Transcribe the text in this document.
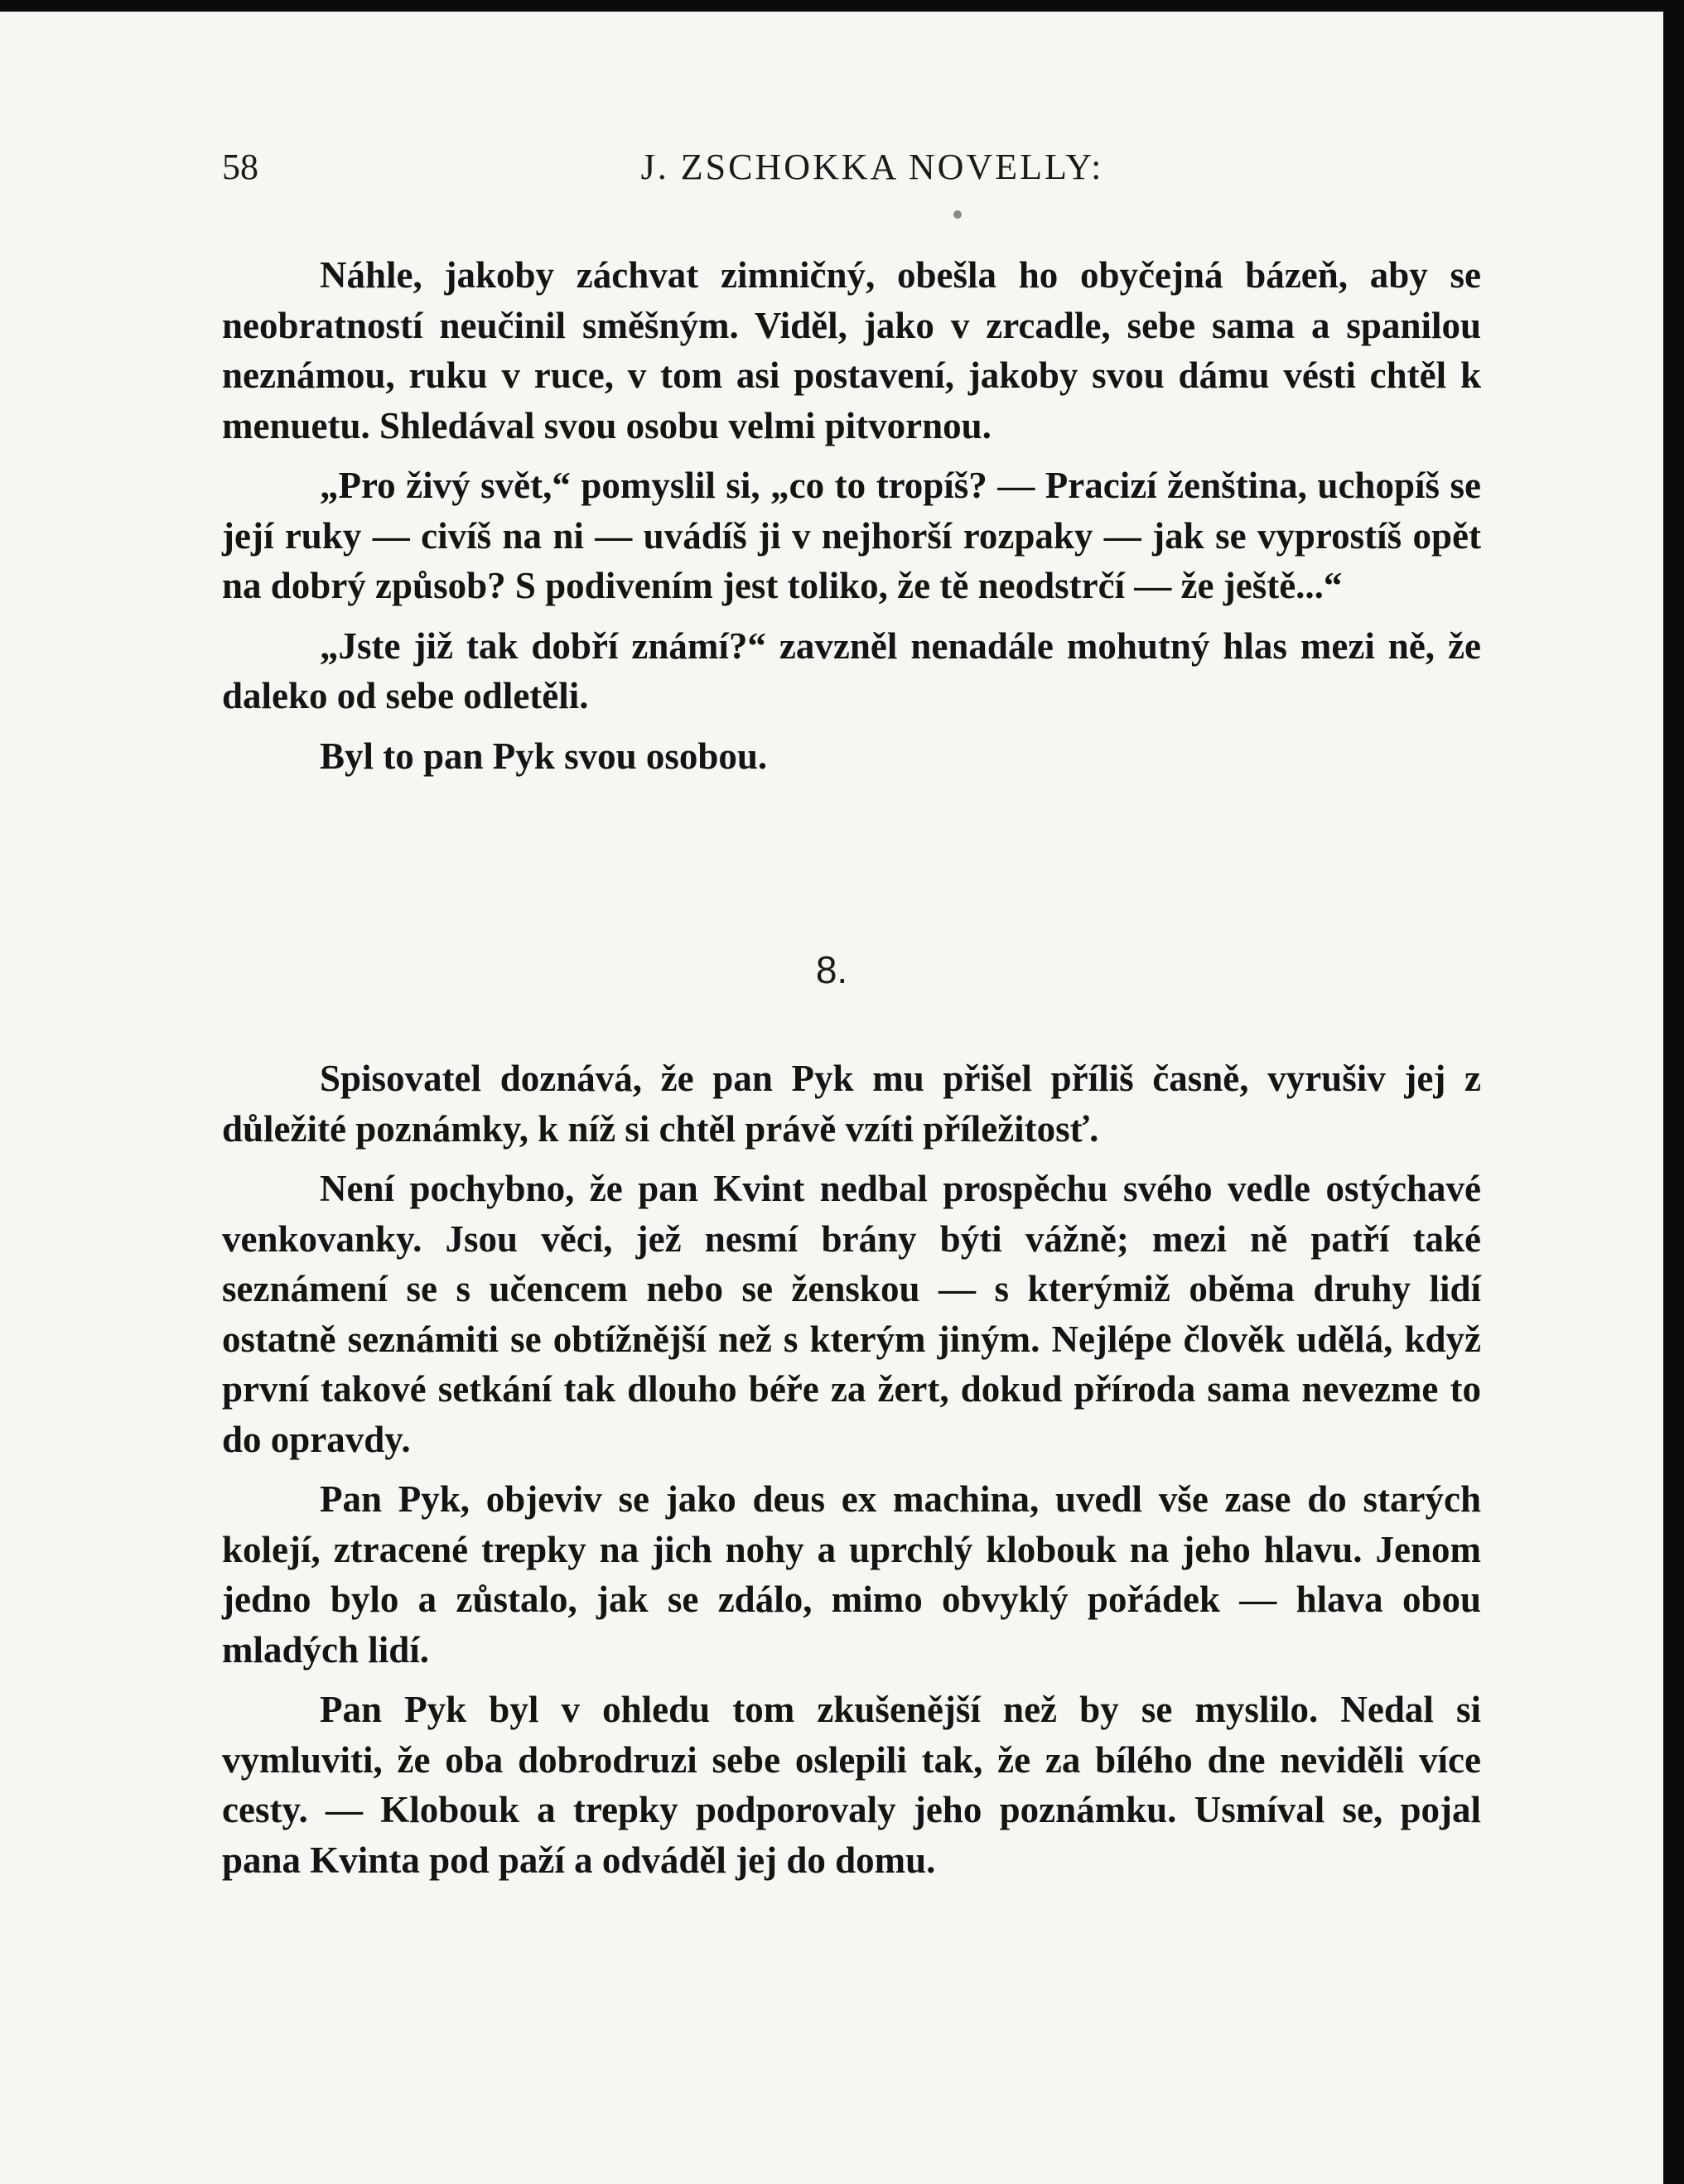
58	J. ZSCHOKKA NOVELLY:

Náhle, jakoby záchvat zimničný, obešla ho obyčejná bázeň, aby se neobratností neučinil směšným. Viděl, jako v zrcadle, sebe sama a spanilou neznámou, ruku v ruce, v tom asi postavení, jakoby svou dámu vésti chtěl k menuetu. Shledával svou osobu velmi pitvornou.

„Pro živý svět,“ pomyslil si, „co to tropíš? — Pracizí ženština, uchopíš se její ruky — civíš na ni — uvádíš ji v nejhorší rozpaky — jak se vyprostíš opět na dobrý způsob? S podivením jest toliko, že tě neodstrčí — že ještě...“

„Jste již tak dobří známí?“ zavzněl nenadále mohutný hlas mezi ně, že daleko od sebe odletěli.

Byl to pan Pyk svou osobou.

8.

Spisovatel doznává, že pan Pyk mu přišel příliš časně, vyrušiv jej z důležité poznámky, k níž si chtěl právě vzíti příležitosť.

Není pochybno, že pan Kvint nedbal prospěchu svého vedle ostýchavé venkovanky. Jsou věci, jež nesmí brány býti vážně; mezi ně patří také seznámení se s učencem nebo se ženskou — s kterýmiž oběma druhy lidí ostatně seznámiti se obtížnější než s kterým jiným. Nejlépe člověk udělá, když první takové setkání tak dlouho béře za žert, dokud příroda sama nevezme to do opravdy.

Pan Pyk, objeviv se jako deus ex machina, uvedl vše zase do starých kolejí, ztracené trepky na jich nohy a uprchlý klobouk na jeho hlavu. Jenom jedno bylo a zůstalo, jak se zdálo, mimo obvyklý pořádek — hlava obou mladých lidí.

Pan Pyk byl v ohledu tom zkušenější než by se myslilo. Nedal si vymluviti, že oba dobrodruzi sebe oslepili tak, že za bílého dne neviděli více cesty. — Klobouk a trepky podporovaly jeho poznámku. Usmíval se, pojal pana Kvinta pod paží a odváděl jej do domu.
